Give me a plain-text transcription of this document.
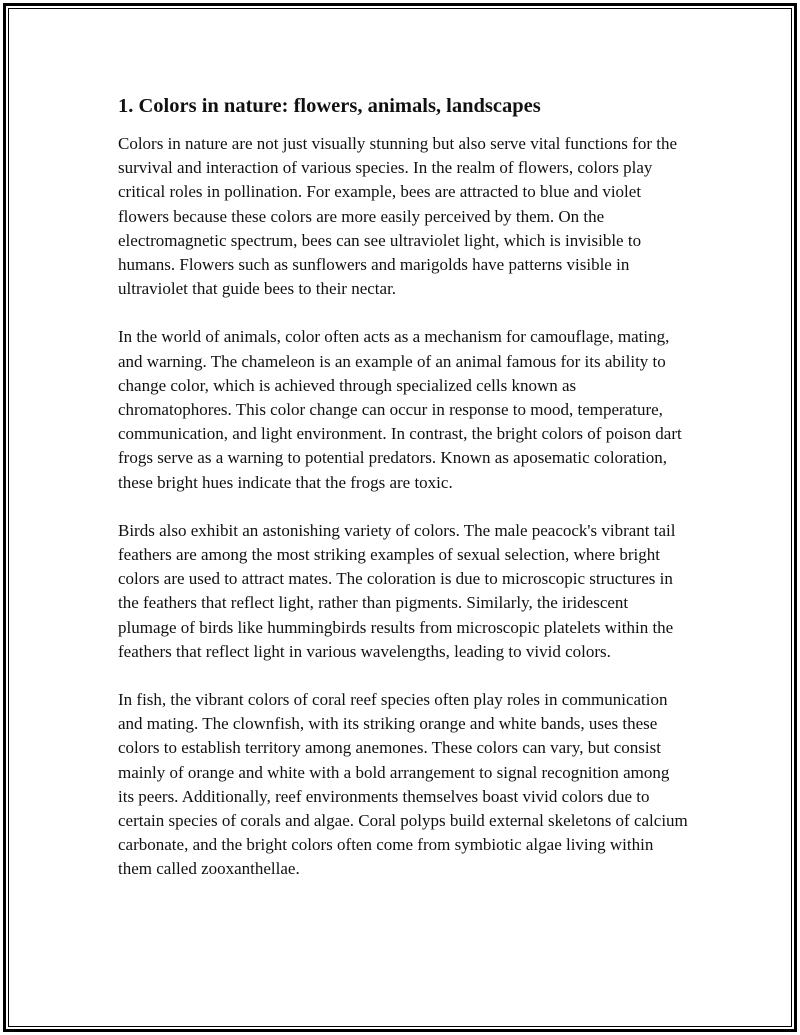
1. Colors in nature: flowers, animals, landscapes

Colors in nature are not just visually stunning but also serve vital functions for the survival and interaction of various species. In the realm of flowers, colors play critical roles in pollination. For example, bees are attracted to blue and violet flowers because these colors are more easily perceived by them. On the electromagnetic spectrum, bees can see ultraviolet light, which is invisible to humans. Flowers such as sunflowers and marigolds have patterns visible in ultraviolet that guide bees to their nectar.

In the world of animals, color often acts as a mechanism for camouflage, mating, and warning. The chameleon is an example of an animal famous for its ability to change color, which is achieved through specialized cells known as chromatophores. This color change can occur in response to mood, temperature, communication, and light environment. In contrast, the bright colors of poison dart frogs serve as a warning to potential predators. Known as aposematic coloration, these bright hues indicate that the frogs are toxic.

Birds also exhibit an astonishing variety of colors. The male peacock's vibrant tail feathers are among the most striking examples of sexual selection, where bright colors are used to attract mates. The coloration is due to microscopic structures in the feathers that reflect light, rather than pigments. Similarly, the iridescent plumage of birds like hummingbirds results from microscopic platelets within the feathers that reflect light in various wavelengths, leading to vivid colors.

In fish, the vibrant colors of coral reef species often play roles in communication and mating. The clownfish, with its striking orange and white bands, uses these colors to establish territory among anemones. These colors can vary, but consist mainly of orange and white with a bold arrangement to signal recognition among its peers. Additionally, reef environments themselves boast vivid colors due to certain species of corals and algae. Coral polyps build external skeletons of calcium carbonate, and the bright colors often come from symbiotic algae living within them called zooxanthellae.
